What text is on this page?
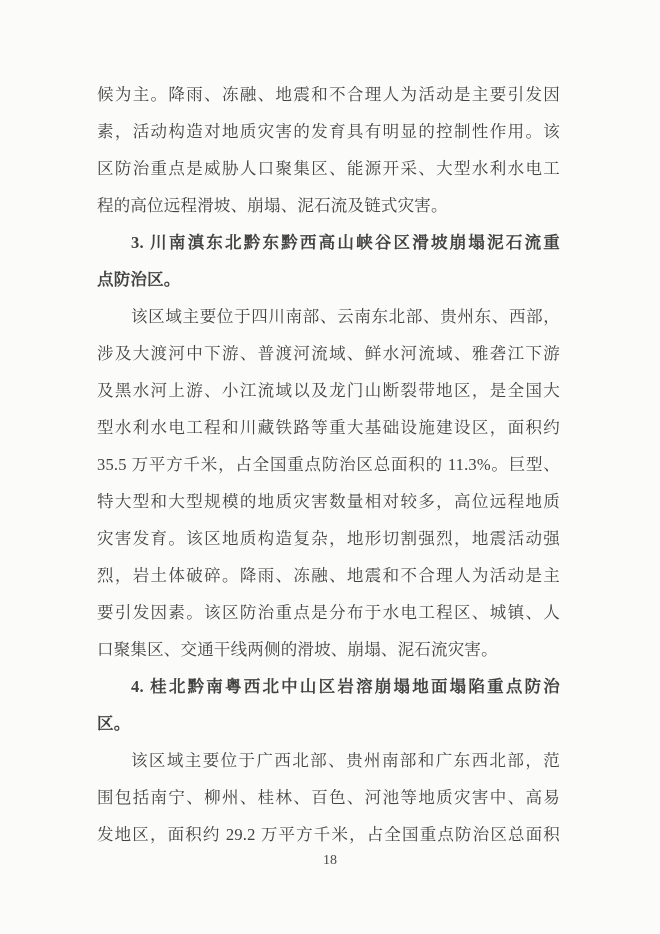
候为主。降雨、冻融、地震和不合理人为活动是主要引发因
素，活动构造对地质灾害的发育具有明显的控制性作用。该
区防治重点是威胁人口聚集区、能源开采、大型水利水电工
程的高位远程滑坡、崩塌、泥石流及链式灾害。
3. 川南滇东北黔东黔西高山峡谷区滑坡崩塌泥石流重
点防治区。
该区域主要位于四川南部、云南东北部、贵州东、西部，
涉及大渡河中下游、普渡河流域、鲜水河流域、雅砻江下游
及黑水河上游、小江流域以及龙门山断裂带地区，是全国大
型水利水电工程和川藏铁路等重大基础设施建设区，面积约
35.5 万平方千米，占全国重点防治区总面积的 11.3%。巨型、
特大型和大型规模的地质灾害数量相对较多，高位远程地质
灾害发育。该区地质构造复杂，地形切割强烈，地震活动强
烈，岩土体破碎。降雨、冻融、地震和不合理人为活动是主
要引发因素。该区防治重点是分布于水电工程区、城镇、人
口聚集区、交通干线两侧的滑坡、崩塌、泥石流灾害。
4. 桂北黔南粤西北中山区岩溶崩塌地面塌陷重点防治
区。
该区域主要位于广西北部、贵州南部和广东西北部，范
围包括南宁、柳州、桂林、百色、河池等地质灾害中、高易
发地区，面积约 29.2 万平方千米，占全国重点防治区总面积
18
